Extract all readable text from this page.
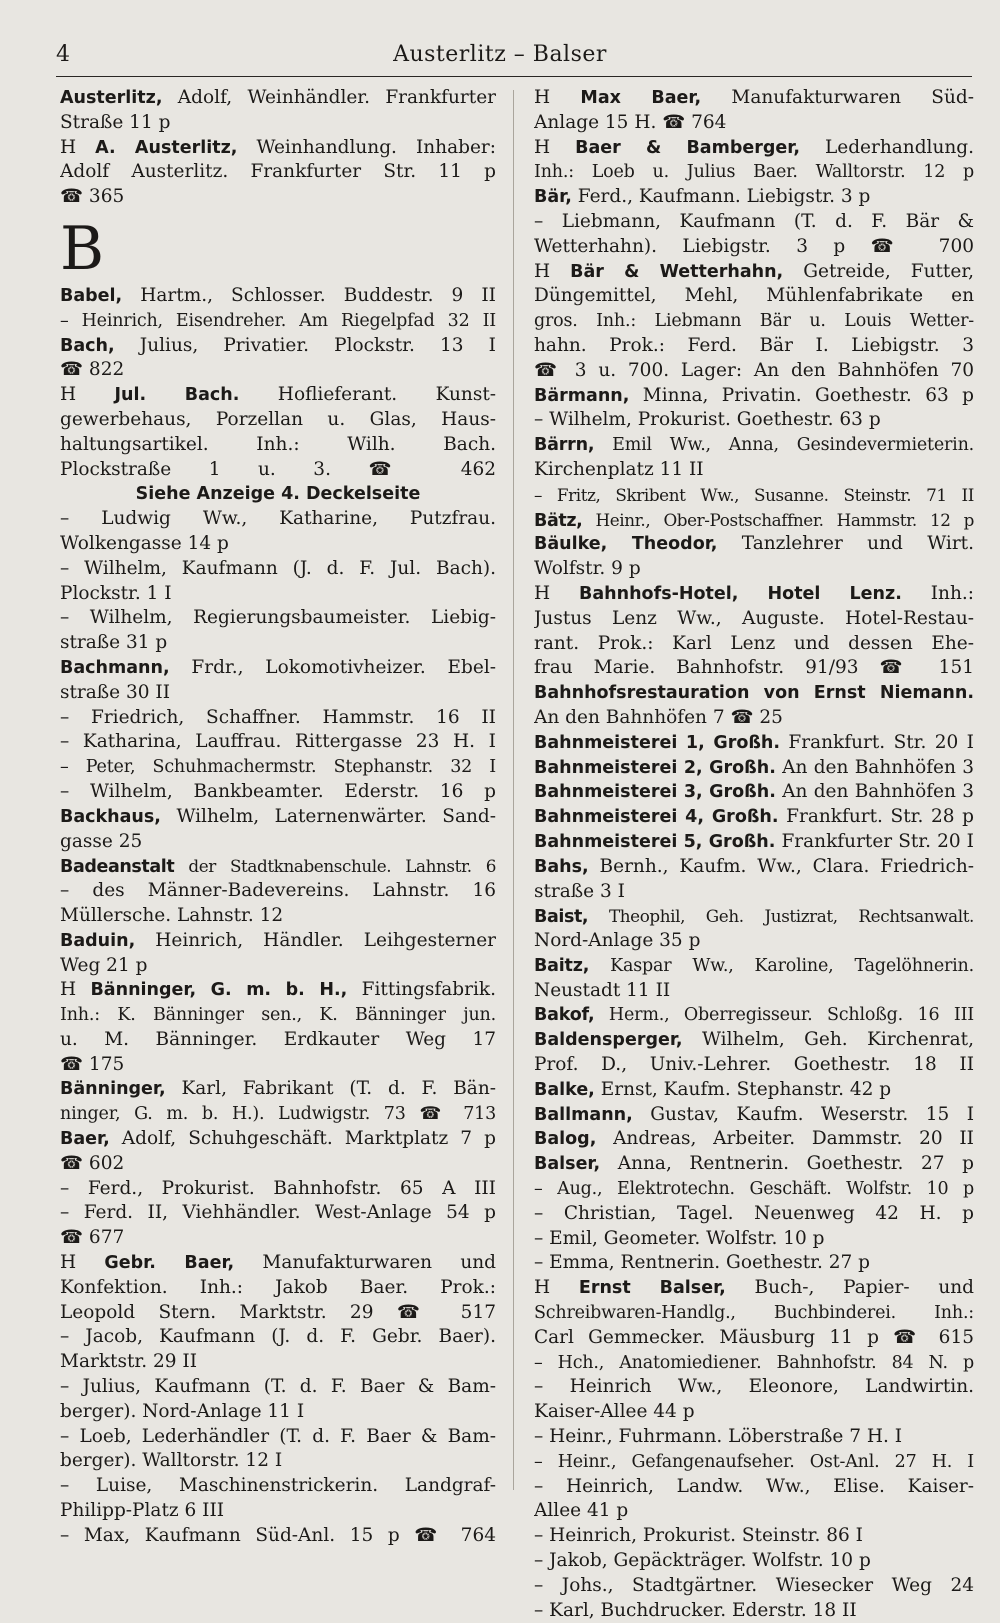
4	Austerlitz – Balser
Austerlitz, Adolf, Weinhändler. Frankfurter
Straße 11 p
H A. Austerlitz, Weinhandlung. Inhaber:
Adolf Austerlitz. Frankfurter Str. 11 p
☎ 365
B
Babel, Hartm., Schlosser. Buddestr. 9 II
– Heinrich, Eisendreher. Am Riegelpfad 32 II
Bach, Julius, Privatier. Plockstr. 13 I
☎ 822
H Jul. Bach. Hoflieferant. Kunst-
gewerbehaus, Porzellan u. Glas, Haus-
haltungsartikel. Inh.: Wilh. Bach.
Plockstraße 1 u. 3. ☎ 462
Siehe Anzeige 4. Deckelseite
– Ludwig Ww., Katharine, Putzfrau.
Wolkengasse 14 p
– Wilhelm, Kaufmann (J. d. F. Jul. Bach).
Plockstr. 1 I
– Wilhelm, Regierungsbaumeister. Liebig-
straße 31 p
Bachmann, Frdr., Lokomotivheizer. Ebel-
straße 30 II
– Friedrich, Schaffner. Hammstr. 16 II
– Katharina, Lauffrau. Rittergasse 23 H. I
– Peter, Schuhmachermstr. Stephanstr. 32 I
– Wilhelm, Bankbeamter. Ederstr. 16 p
Backhaus, Wilhelm, Laternenwärter. Sand-
gasse 25
Badeanstalt der Stadtknabenschule. Lahnstr. 6
– des Männer-Badevereins. Lahnstr. 16
Müllersche. Lahnstr. 12
Baduin, Heinrich, Händler. Leihgesterner
Weg 21 p
H Bänninger, G. m. b. H., Fittingsfabrik.
Inh.: K. Bänninger sen., K. Bänninger jun.
u. M. Bänninger. Erdkauter Weg 17
☎ 175
Bänninger, Karl, Fabrikant (T. d. F. Bän-
ninger, G. m. b. H.). Ludwigstr. 73 ☎ 713
Baer, Adolf, Schuhgeschäft. Marktplatz 7 p
☎ 602
– Ferd., Prokurist. Bahnhofstr. 65 A III
– Ferd. II, Viehhändler. West-Anlage 54 p
☎ 677
H Gebr. Baer, Manufakturwaren und
Konfektion. Inh.: Jakob Baer. Prok.:
Leopold Stern. Marktstr. 29 ☎ 517
– Jacob, Kaufmann (J. d. F. Gebr. Baer).
Marktstr. 29 II
– Julius, Kaufmann (T. d. F. Baer & Bam-
berger). Nord-Anlage 11 I
– Loeb, Lederhändler (T. d. F. Baer & Bam-
berger). Walltorstr. 12 I
– Luise, Maschinenstrickerin. Landgraf-
Philipp-Platz 6 III
– Max, Kaufmann Süd-Anl. 15 p ☎ 764
H Max Baer, Manufakturwaren Süd-
Anlage 15 H. ☎ 764
H Baer & Bamberger, Lederhandlung.
Inh.: Loeb u. Julius Baer. Walltorstr. 12 p
Bär, Ferd., Kaufmann. Liebigstr. 3 p
– Liebmann, Kaufmann (T. d. F. Bär &
Wetterhahn). Liebigstr. 3 p ☎ 700
H Bär & Wetterhahn, Getreide, Futter,
Düngemittel, Mehl, Mühlenfabrikate en
gros. Inh.: Liebmann Bär u. Louis Wetter-
hahn. Prok.: Ferd. Bär I. Liebigstr. 3
☎ 3 u. 700. Lager: An den Bahnhöfen 70
Bärmann, Minna, Privatin. Goethestr. 63 p
– Wilhelm, Prokurist. Goethestr. 63 p
Bärrn, Emil Ww., Anna, Gesindevermieterin.
Kirchenplatz 11 II
– Fritz, Skribent Ww., Susanne. Steinstr. 71 II
Bätz, Heinr., Ober-Postschaffner. Hammstr. 12 p
Bäulke, Theodor, Tanzlehrer und Wirt.
Wolfstr. 9 p
H Bahnhofs-Hotel, Hotel Lenz. Inh.:
Justus Lenz Ww., Auguste. Hotel-Restau-
rant. Prok.: Karl Lenz und dessen Ehe-
frau Marie. Bahnhofstr. 91/93 ☎ 151
Bahnhofsrestauration von Ernst Niemann.
An den Bahnhöfen 7 ☎ 25
Bahnmeisterei 1, Großh. Frankfurt. Str. 20 I
Bahnmeisterei 2, Großh. An den Bahnhöfen 3
Bahnmeisterei 3, Großh. An den Bahnhöfen 3
Bahnmeisterei 4, Großh. Frankfurt. Str. 28 p
Bahnmeisterei 5, Großh. Frankfurter Str. 20 I
Bahs, Bernh., Kaufm. Ww., Clara. Friedrich-
straße 3 I
Baist, Theophil, Geh. Justizrat, Rechtsanwalt.
Nord-Anlage 35 p
Baitz, Kaspar Ww., Karoline, Tagelöhnerin.
Neustadt 11 II
Bakof, Herm., Oberregisseur. Schloßg. 16 III
Baldensperger, Wilhelm, Geh. Kirchenrat,
Prof. D., Univ.-Lehrer. Goethestr. 18 II
Balke, Ernst, Kaufm. Stephanstr. 42 p
Ballmann, Gustav, Kaufm. Weserstr. 15 I
Balog, Andreas, Arbeiter. Dammstr. 20 II
Balser, Anna, Rentnerin. Goethestr. 27 p
– Aug., Elektrotechn. Geschäft. Wolfstr. 10 p
– Christian, Tagel. Neuenweg 42 H. p
– Emil, Geometer. Wolfstr. 10 p
– Emma, Rentnerin. Goethestr. 27 p
H Ernst Balser, Buch-, Papier- und
Schreibwaren-Handlg., Buchbinderei. Inh.:
Carl Gemmecker. Mäusburg 11 p ☎ 615
– Hch., Anatomiediener. Bahnhofstr. 84 N. p
– Heinrich Ww., Eleonore, Landwirtin.
Kaiser-Allee 44 p
– Heinr., Fuhrmann. Löberstraße 7 H. I
– Heinr., Gefangenaufseher. Ost-Anl. 27 H. I
– Heinrich, Landw. Ww., Elise. Kaiser-
Allee 41 p
– Heinrich, Prokurist. Steinstr. 86 I
– Jakob, Gepäckträger. Wolfstr. 10 p
– Johs., Stadtgärtner. Wiesecker Weg 24
– Karl, Buchdrucker. Ederstr. 18 II
